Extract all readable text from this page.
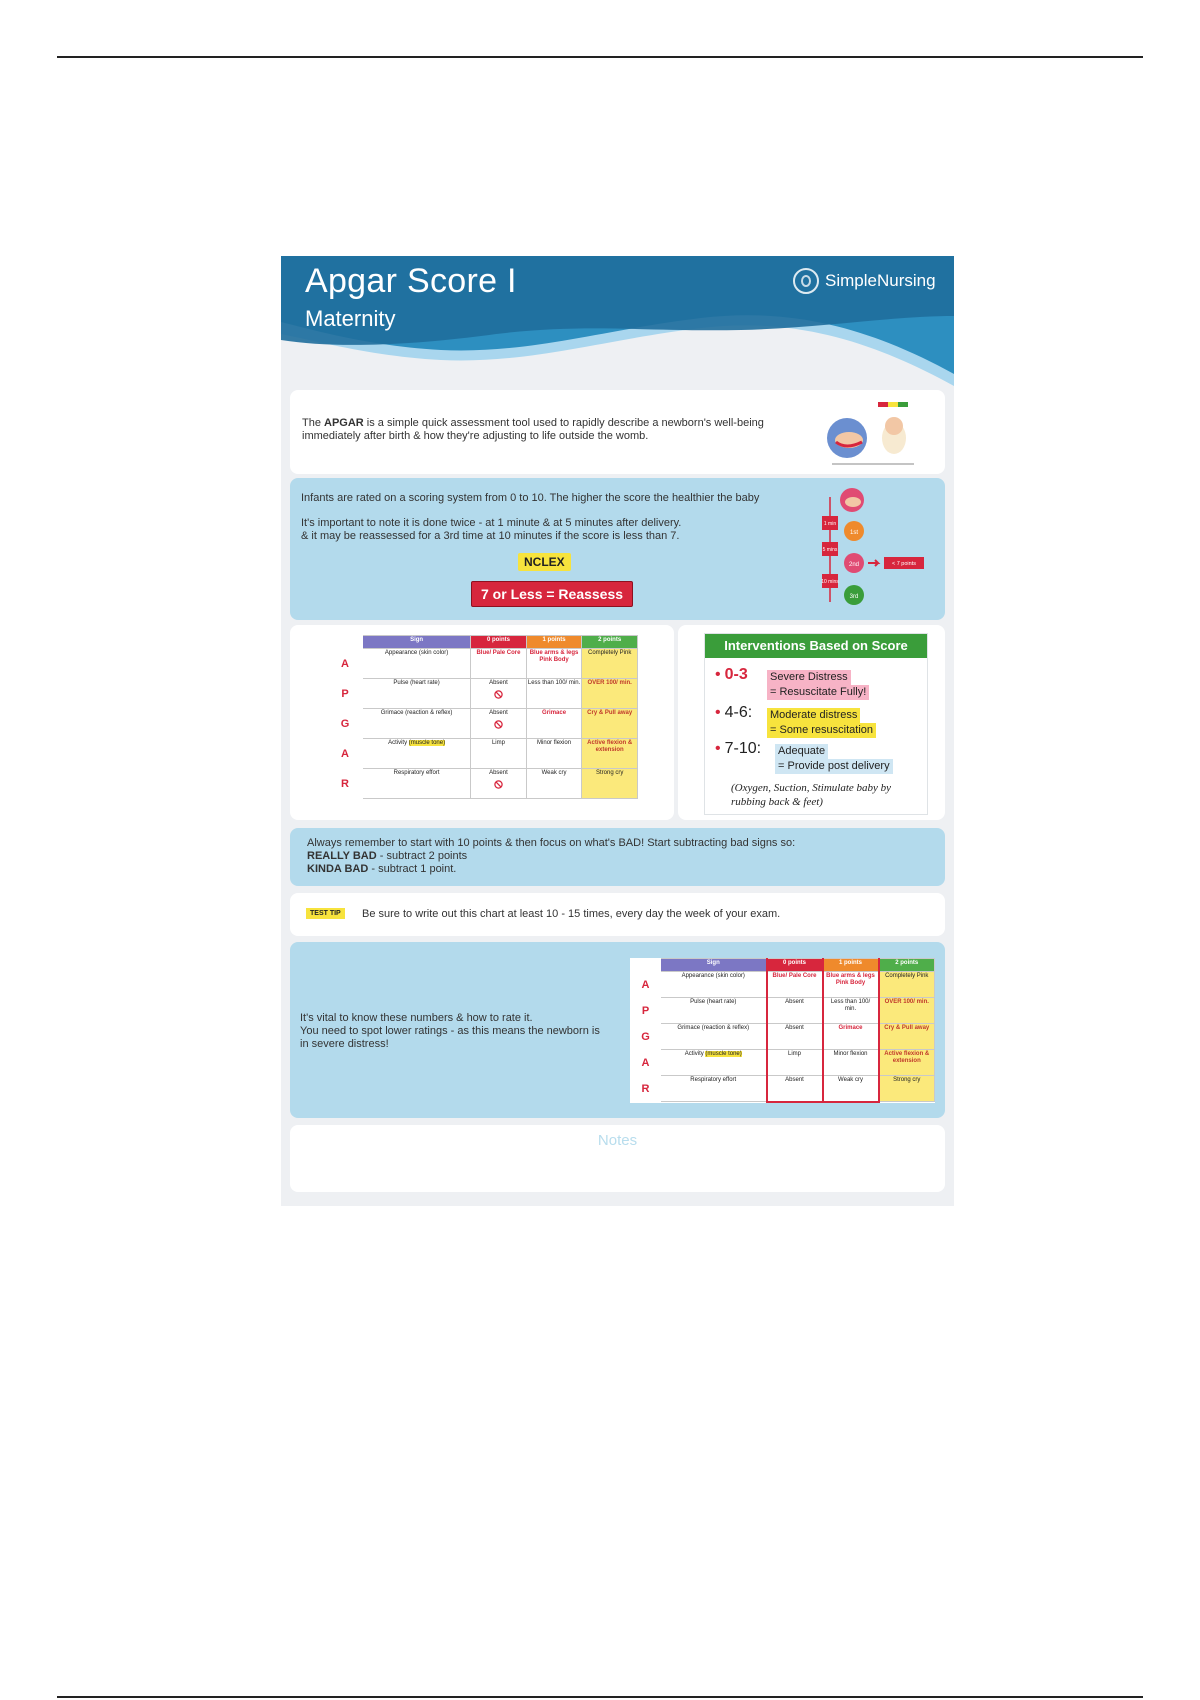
Apgar Score I
Maternity
SimpleNursing
The APGAR is a simple quick assessment tool used to rapidly describe a newborn's well-being immediately after birth & how they're adjusting to life outside the womb.
Infants are rated on a scoring system from 0 to 10. The higher the score the healthier the baby
It's important to note it is done twice - at 1 minute & at 5 minutes after delivery.
& it may be reassessed for a 3rd time at 10 minutes if the score is less than 7.
NCLEX
7 or Less = Reassess
1 min
1st
5 mins
2nd	< 7 points
10 mins
3rd
	Sign	0 points	1 points	2 points
A	Appearance (skin color)	Blue/ Pale Core	Blue arms & legs Pink Body	Completely Pink
P	Pulse (heart rate)	Absent	Less than 100/ min.	OVER 100/ min.
G	Grimace (reaction & reflex)	Absent	Grimace	Cry & Pull away
A	Activity (muscle tone)	Limp	Minor flexion	Active flexion & extension
R	Respiratory effort	Absent	Weak cry	Strong cry
Interventions Based on Score
• 0-3 Severe Distress
= Resuscitate Fully!
• 4-6: Moderate distress
= Some resuscitation
• 7-10: Adequate
= Provide post delivery
(Oxygen, Suction, Stimulate baby by rubbing back & feet)
Always remember to start with 10 points & then focus on what's BAD! Start subtracting bad signs so:
REALLY BAD - subtract 2 points
KINDA BAD - subtract 1 point.
TEST TIP	Be sure to write out this chart at least 10 - 15 times, every day the week of your exam.
It's vital to know these numbers & how to rate it.
You need to spot lower ratings - as this means the newborn is in severe distress!
	Sign	0 points	1 points	2 points
A	Appearance (skin color)	Blue/ Pale Core	Blue arms & legs Pink Body	Completely Pink
P	Pulse (heart rate)	Absent	Less than 100/ min.	OVER 100/ min.
G	Grimace (reaction & reflex)	Absent	Grimace	Cry & Pull away
A	Activity (muscle tone)	Limp	Minor flexion	Active flexion & extension
R	Respiratory effort	Absent	Weak cry	Strong cry
Notes
